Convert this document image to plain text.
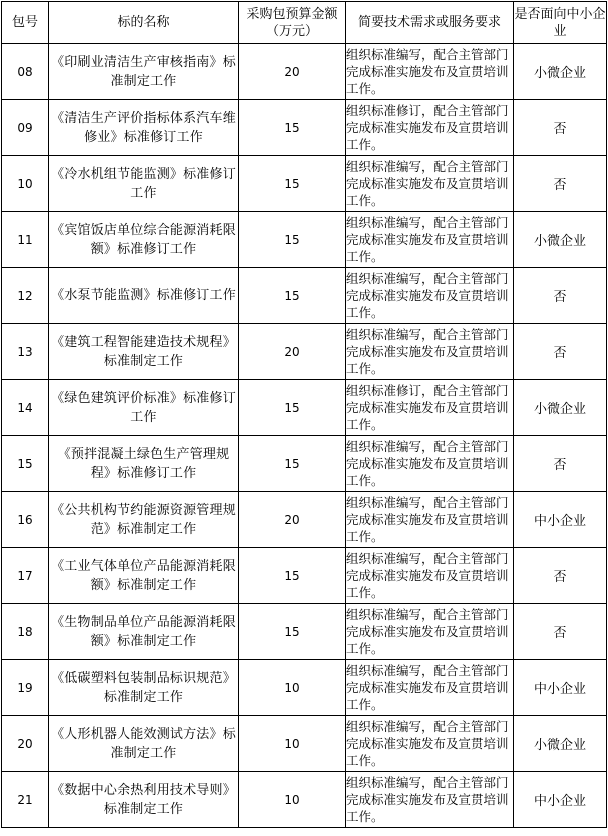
包号	标的名称	采购包预算金额（万元）	简要技术需求或服务要求	是否面向中小企业
08	《印刷业清洁生产审核指南》标准制定工作	20	组织标准编写，配合主管部门完成标准实施发布及宣贯培训工作。	小微企业
09	《清洁生产评价指标体系汽车维修业》标准修订工作	15	组织标准修订，配合主管部门完成标准实施发布及宣贯培训工作。	否
10	《冷水机组节能监测》标准修订工作	15	组织标准编写，配合主管部门完成标准实施发布及宣贯培训工作。	否
11	《宾馆饭店单位综合能源消耗限额》标准修订工作	15	组织标准编写，配合主管部门完成标准实施发布及宣贯培训工作。	小微企业
12	《水泵节能监测》标准修订工作	15	组织标准编写，配合主管部门完成标准实施发布及宣贯培训工作。	否
13	《建筑工程智能建造技术规程》标准制定工作	20	组织标准编写，配合主管部门完成标准实施发布及宣贯培训工作。	否
14	《绿色建筑评价标准》标准修订工作	15	组织标准修订，配合主管部门完成标准实施发布及宣贯培训工作。	小微企业
15	《预拌混凝土绿色生产管理规程》标准修订工作	15	组织标准编写，配合主管部门完成标准实施发布及宣贯培训工作。	否
16	《公共机构节约能源资源管理规范》标准制定工作	20	组织标准编写，配合主管部门完成标准实施发布及宣贯培训工作。	中小企业
17	《工业气体单位产品能源消耗限额》标准制定工作	15	组织标准编写，配合主管部门完成标准实施发布及宣贯培训工作。	否
18	《生物制品单位产品能源消耗限额》标准制定工作	15	组织标准编写，配合主管部门完成标准实施发布及宣贯培训工作。	否
19	《低碳塑料包装制品标识规范》标准制定工作	10	组织标准编写，配合主管部门完成标准实施发布及宣贯培训工作。	中小企业
20	《人形机器人能效测试方法》标准制定工作	10	组织标准编写，配合主管部门完成标准实施发布及宣贯培训工作。	小微企业
21	《数据中心余热利用技术导则》标准制定工作	10	组织标准编写，配合主管部门完成标准实施发布及宣贯培训工作。	中小企业
